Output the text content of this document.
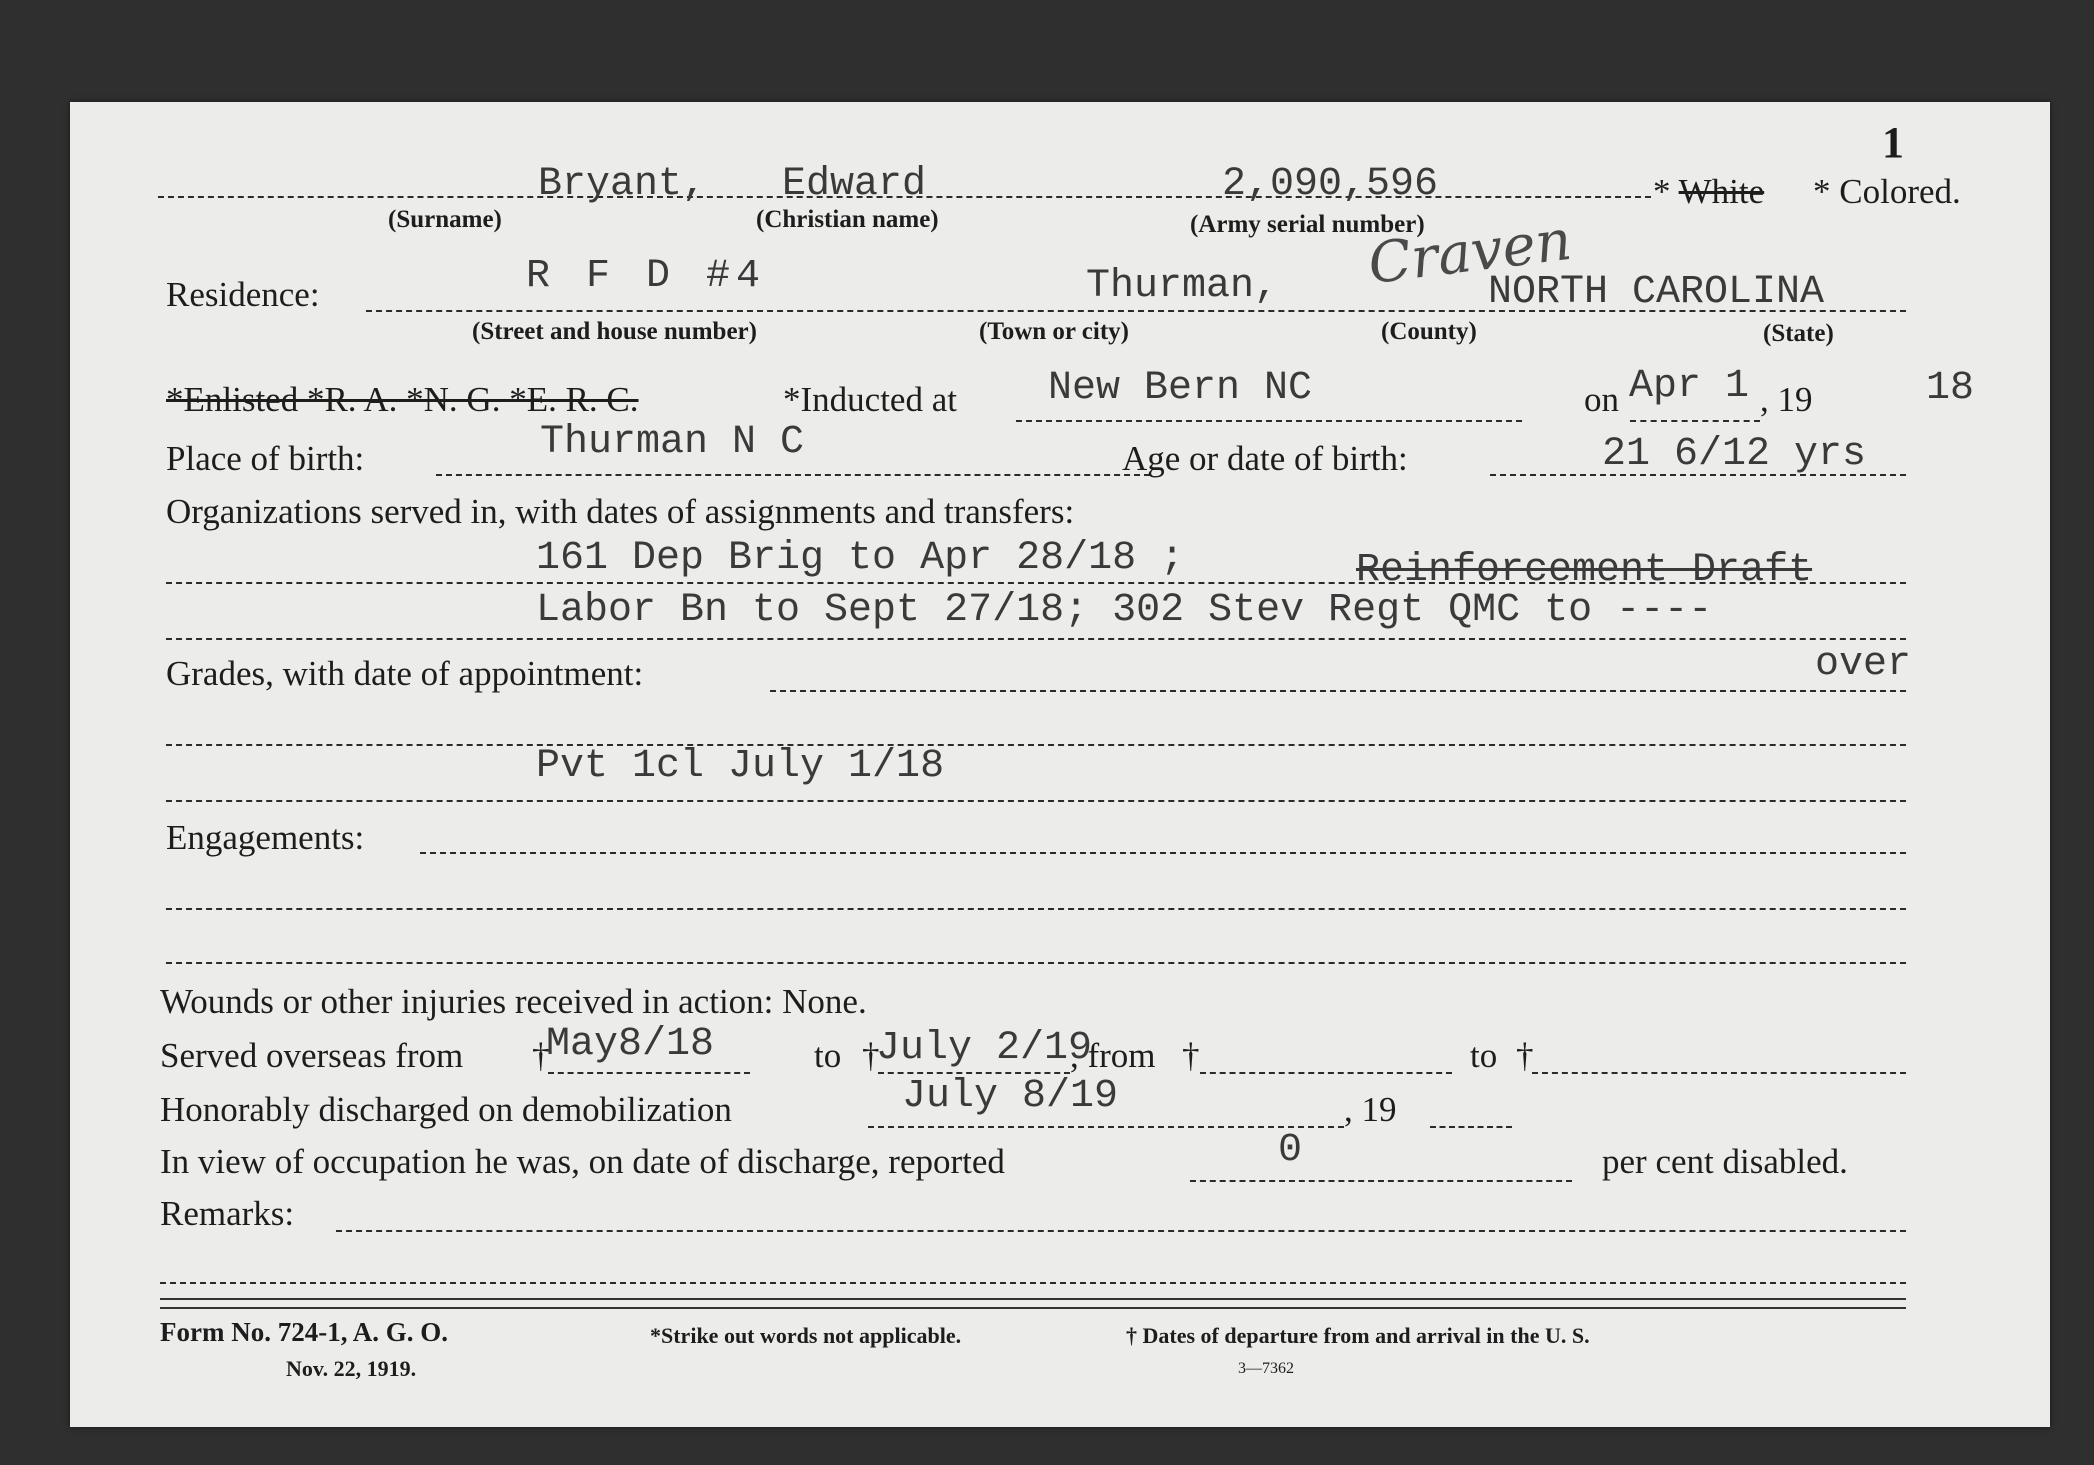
1
Bryant, Edward	2,090,596
(Surname)	(Christian name)	(Army serial number)
* White * Colored.
Residence:	R F D #4	Thurman, Craven
NORTH CAROLINA
(Street and house number)	(Town or city)	(County)	(State)
*Enlisted *R. A. *N. G. *E. R. C.	*Inducted at New Bern NC	on Apr 1 , 19	18
Place of birth:	Thurman N C	Age or date of birth:	21 6/12 yrs
Organizations served in, with dates of assignments and transfers:
161 Dep Brig to Apr 28/18 ;	Reinforcement Draft
Labor Bn to Sept 27/18; 302 Stev Regt QMC to ----
over
Grades, with date of appointment:
Pvt 1cl July 1/18
Engagements:
Wounds or other injuries received in action: None.
Served overseas from †
May8/18	to †
July 2/19
, from †	to †
Honorably discharged on demobilization	July 8/19	, 19
In view of occupation he was, on date of discharge, reported	0	per cent disabled.
Remarks:
Form No. 724-1, A. G. O.
Nov. 22, 1919.
*Strike out words not applicable.	† Dates of departure from and arrival in the U. S.
3—7362
